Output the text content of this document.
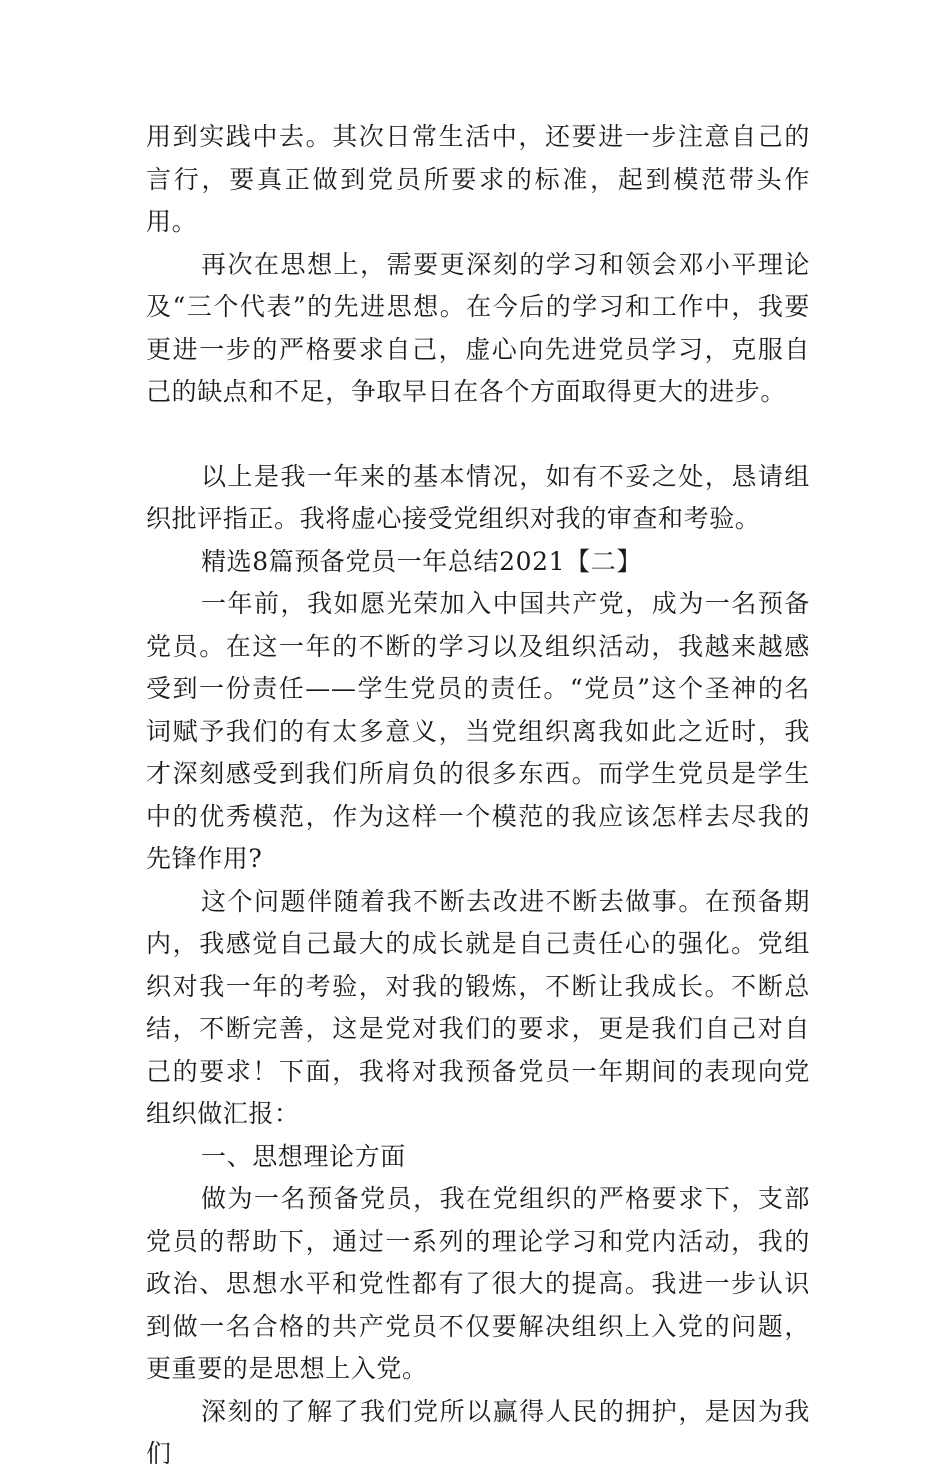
用到实践中去。其次日常生活中，还要进一步注意自己的言行，要真正做到党员所要求的标准，起到模范带头作用。

再次在思想上，需要更深刻的学习和领会邓小平理论及“三个代表”的先进思想。在今后的学习和工作中，我要更进一步的严格要求自己，虚心向先进党员学习，克服自己的缺点和不足，争取早日在各个方面取得更大的进步。

以上是我一年来的基本情况，如有不妥之处，恳请组织批评指正。我将虚心接受党组织对我的审查和考验。

精选8篇预备党员一年总结2021【二】

一年前，我如愿光荣加入中国共产党，成为一名预备党员。在这一年的不断的学习以及组织活动，我越来越感受到一份责任——学生党员的责任。“党员”这个圣神的名词赋予我们的有太多意义，当党组织离我如此之近时，我才深刻感受到我们所肩负的很多东西。而学生党员是学生中的优秀模范，作为这样一个模范的我应该怎样去尽我的先锋作用?

这个问题伴随着我不断去改进不断去做事。在预备期内，我感觉自己最大的成长就是自己责任心的强化。党组织对我一年的考验，对我的锻炼，不断让我成长。不断总结，不断完善，这是党对我们的要求，更是我们自己对自己的要求！下面，我将对我预备党员一年期间的表现向党组织做汇报：

一、思想理论方面

做为一名预备党员，我在党组织的严格要求下，支部党员的帮助下，通过一系列的理论学习和党内活动，我的政治、思想水平和党性都有了很大的提高。我进一步认识到做一名合格的共产党员不仅要解决组织上入党的问题，更重要的是思想上入党。

深刻的了解了我们党所以赢得人民的拥护，是因为我们
